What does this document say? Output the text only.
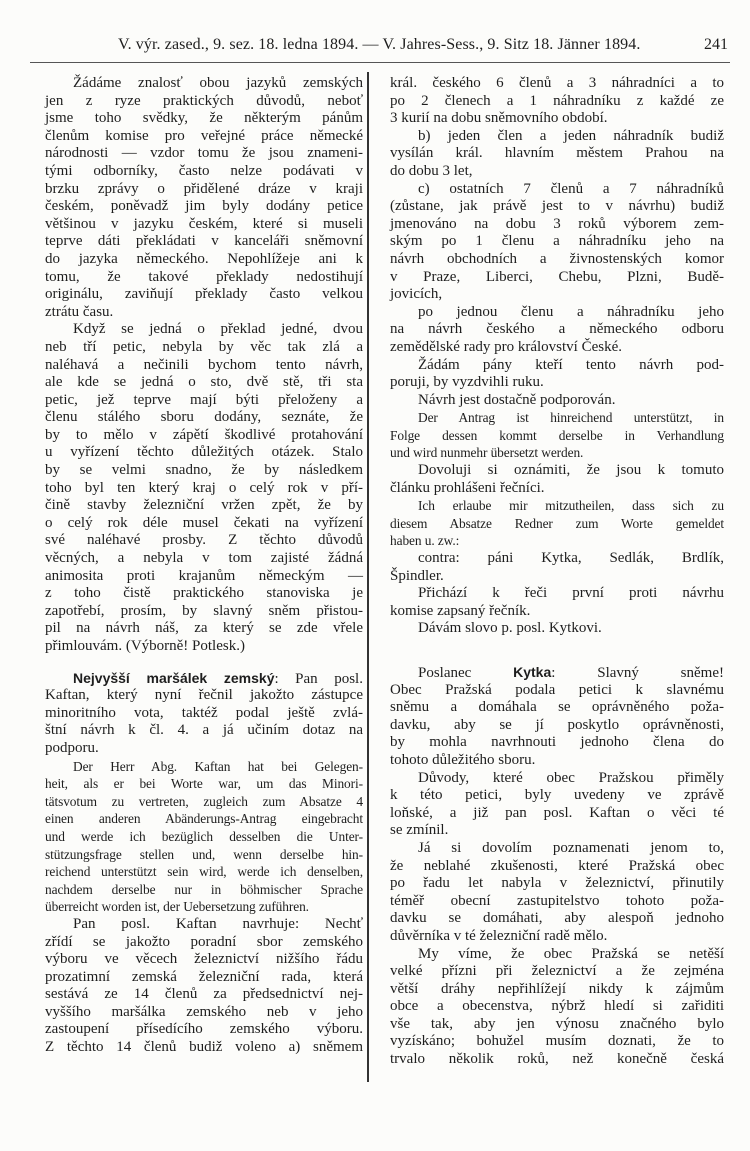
V. výr. zased., 9. sez. 18. ledna 1894. — V. Jahres-Sess., 9. Sitz 18. Jänner 1894.	241
Žádáme znalosť obou jazyků zemských
jen z ryze praktických důvodů, neboť
jsme toho svědky, že některým pánům
členům komise pro veřejné práce německé
národnosti — vzdor tomu že jsou znameni-
tými odborníky, často nelze podávati v
brzku zprávy o přidělené dráze v kraji
českém, poněvadž jim byly dodány petice
většinou v jazyku českém, které si museli
teprve dáti překládati v kanceláři sněmovní
do jazyka německého. Nepohlížeje ani k
tomu, že takové překlady nedostihují
originálu, zaviňují překlady často velkou
ztrátu času.
Když se jedná o překlad jedné, dvou
neb tří petic, nebyla by věc tak zlá a
naléhavá a nečinili bychom tento návrh,
ale kde se jedná o sto, dvě stě, tři sta
petic, jež teprve mají býti přeloženy a
členu stálého sboru dodány, seznáte, že
by to mělo v zápětí škodlivé protahování
u vyřízení těchto důležitých otázek. Stalo
by se velmi snadno, že by následkem
toho byl ten který kraj o celý rok v pří-
čině stavby železniční vržen zpět, že by
o celý rok déle musel čekati na vyřízení
své naléhavé prosby. Z těchto důvodů
věcných, a nebyla v tom zajisté žádná
animosita proti krajanům německým —
z toho čistě praktického stanoviska je
zapotřebí, prosím, by slavný sněm přistou-
pil na návrh náš, za který se zde vřele
přimlouvám. (Výborně! Potlesk.)
Nejvyšší maršálek zemský: Pan posl.
Kaftan, který nyní řečnil jakožto zástupce
minoritního vota, taktéž podal ještě zvlá-
štní návrh k čl. 4. a já učiním dotaz na
podporu.
Der Herr Abg. Kaftan hat bei Gelegen-
heit, als er bei Worte war, um das Minori-
tätsvotum zu vertreten, zugleich zum Absatze 4
einen anderen Abänderungs-Antrag eingebracht
und werde ich bezüglich desselben die Unter-
stützungsfrage stellen und, wenn derselbe hin-
reichend unterstützt sein wird, werde ich denselben,
nachdem derselbe nur in böhmischer Sprache
überreicht worden ist, der Uebersetzung zuführen.
Pan posl. Kaftan navrhuje: Nechť
zřídí se jakožto poradní sbor zemského
výboru ve věcech železnictví nižšího řádu
prozatimní zemská železniční rada, která
sestává ze 14 členů za předsednictví nej-
vyššího maršálka zemského neb v jeho
zastoupení přísedícího zemského výboru.
Z těchto 14 členů budiž voleno a) sněmem
král. českého 6 členů a 3 náhradníci a to
po 2 členech a 1 náhradníku z každé ze
3 kurií na dobu sněmovního období.
b) jeden člen a jeden náhradník budiž
vysílán král. hlavním městem Prahou na
do dobu 3 let,
c) ostatních 7 členů a 7 náhradníků
(zůstane, jak právě jest to v návrhu) budiž
jmenováno na dobu 3 roků výborem zem-
ským po 1 členu a náhradníku jeho na
návrh obchodních a živnostenských komor
v Praze, Liberci, Chebu, Plzni, Budě-
jovicích,
po jednou členu a náhradníku jeho
na návrh českého a německého odboru
zemědělské rady pro království České.
Žádám pány kteří tento návrh pod-
poruji, by vyzdvihli ruku.
Návrh jest dostačně podporován.
Der Antrag ist hinreichend unterstützt, in
Folge dessen kommt derselbe in Verhandlung
und wird nunmehr übersetzt werden.
Dovoluji si oznámiti, že jsou k tomuto
článku prohlášeni řečníci.
Ich erlaube mir mitzutheilen, dass sich zu
diesem Absatze Redner zum Worte gemeldet
haben u. zw.:
contra: páni Kytka, Sedlák, Brdlík,
Špindler.
Přichází k řeči první proti návrhu
komise zapsaný řečník.
Dávám slovo p. posl. Kytkovi.
Poslanec Kytka: Slavný sněme!
Obec Pražská podala petici k slavnému
sněmu a domáhala se oprávněného poža-
davku, aby se jí poskytlo oprávněnosti,
by mohla navrhnouti jednoho člena do
tohoto důležitého sboru.
Důvody, které obec Pražskou přiměly
k této petici, byly uvedeny ve zprávě
loňské, a již pan posl. Kaftan o věci té
se zmínil.
Já si dovolím poznamenati jenom to,
že neblahé zkušenosti, které Pražská obec
po řadu let nabyla v železnictví, přinutily
téměř obecní zastupitelstvo tohoto poža-
davku se domáhati, aby alespoň jednoho
důvěrníka v té železniční radě mělo.
My víme, že obec Pražská se netěší
velké přízni při železnictví a že zejména
větší dráhy nepřihlížejí nikdy k zájmům
obce a obecenstva, nýbrž hledí si zařiditi
vše tak, aby jen výnosu značného bylo
vyzískáno; bohužel musím doznati, že to
trvalo několik roků, než konečně česká
